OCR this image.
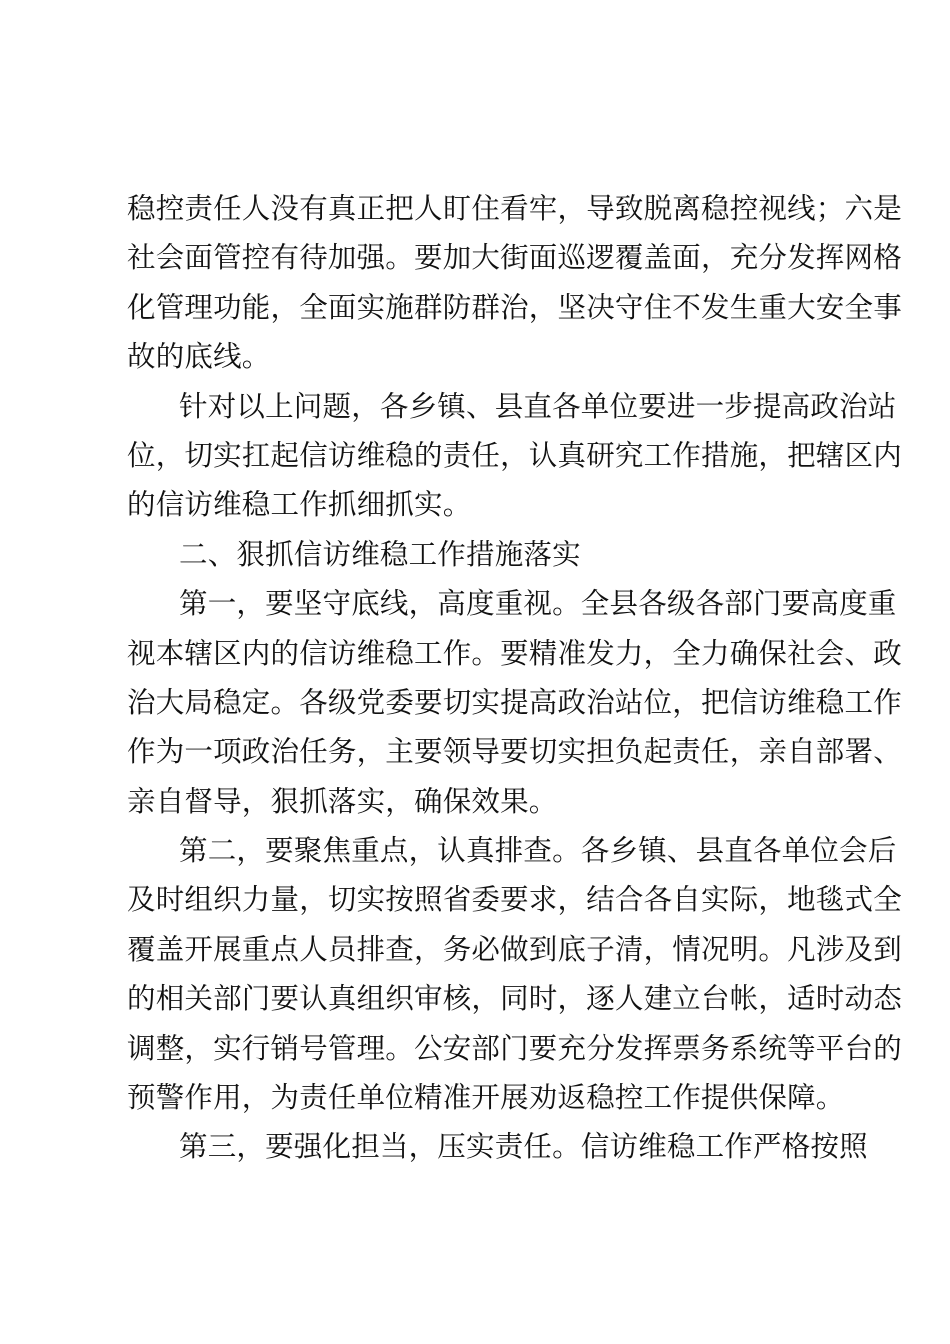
稳控责任人没有真正把人盯住看牢，导致脱离稳控视线；六是
社会面管控有待加强。要加大街面巡逻覆盖面，充分发挥网格
化管理功能，全面实施群防群治，坚决守住不发生重大安全事
故的底线。
针对以上问题，各乡镇、县直各单位要进一步提高政治站
位，切实扛起信访维稳的责任，认真研究工作措施，把辖区内
的信访维稳工作抓细抓实。
二、狠抓信访维稳工作措施落实
第一，要坚守底线，高度重视。全县各级各部门要高度重
视本辖区内的信访维稳工作。要精准发力，全力确保社会、政
治大局稳定。各级党委要切实提高政治站位，把信访维稳工作
作为一项政治任务，主要领导要切实担负起责任，亲自部署、
亲自督导，狠抓落实，确保效果。
第二，要聚焦重点，认真排查。各乡镇、县直各单位会后
及时组织力量，切实按照省委要求，结合各自实际，地毯式全
覆盖开展重点人员排查，务必做到底子清，情况明。凡涉及到
的相关部门要认真组织审核，同时，逐人建立台帐，适时动态
调整，实行销号管理。公安部门要充分发挥票务系统等平台的
预警作用，为责任单位精准开展劝返稳控工作提供保障。
第三，要强化担当，压实责任。信访维稳工作严格按照
